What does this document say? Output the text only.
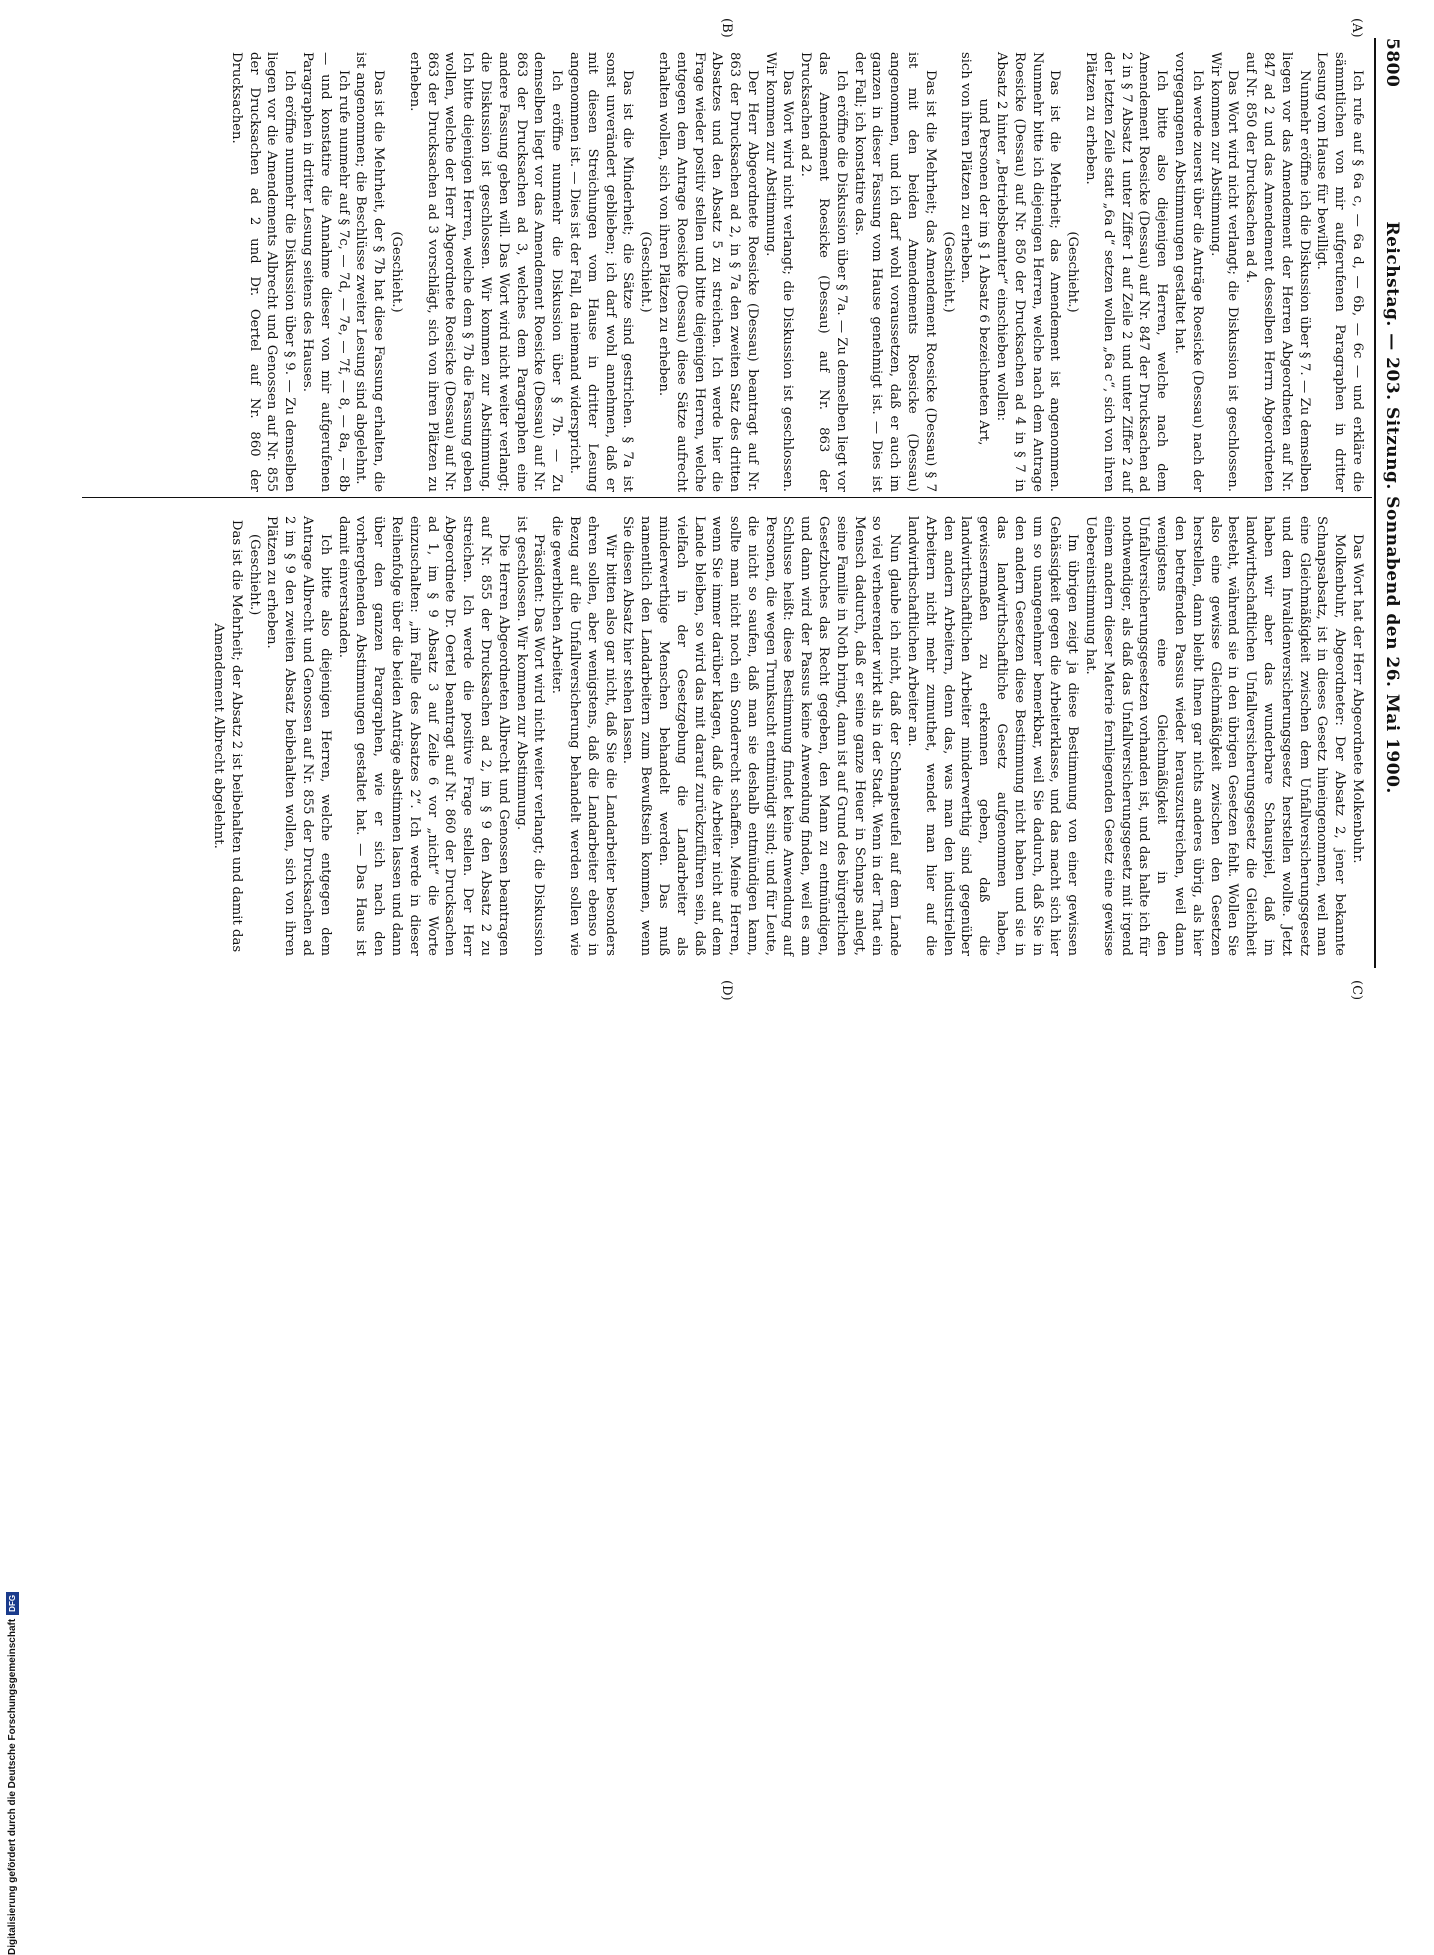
5800
Reichstag. — 203. Sitzung. Sonnabend den 26. Mai 1900.
(A)
(B)
(C)
(D)

Ich rufe auf § 6a c, — 6a d, — 6b, — 6c — und erkläre die sämmtlichen von mir aufgerufenen Paragraphen in dritter Lesung vom Hause für bewilligt.

Nunmehr eröffne ich die Diskussion über § 7. — Zu demselben liegen vor das Amendement der Herren Abgeordneten auf Nr. 847 ad 2 und das Amendement desselben Herrn Abgeordneten auf Nr. 850 der Drucksachen ad 4.

Das Wort wird nicht verlangt; die Diskussion ist geschlossen. Wir kommen zur Abstimmung.

Ich werde zuerst über die Anträge Roesicke (Dessau) nach der vorgegangenen Abstimmungen gestaltet hat.

Ich bitte also diejenigen Herren, welche nach dem Amendement Roesicke (Dessau) auf Nr. 847 der Drucksachen ad 2 in § 7 Absatz 1 unter Ziffer 1 auf Zeile 2 und unter Ziffer 2 auf der letzten Zeile statt „6a d“ setzen wollen „6a c“, sich von ihren Plätzen zu erheben.

(Geschieht.)

Das ist die Mehrheit; das Amendement ist angenommen. Nunmehr bitte ich diejenigen Herren, welche nach dem Antrage Roesicke (Dessau) auf Nr. 850 der Drucksachen ad 4 in § 7 in Absatz 2 hinter „Betriebsbeamter“ einschieben wollen:

und Personen der im § 1 Absatz 6 bezeichneten Art,

sich von ihren Plätzen zu erheben.

(Geschieht.)

Das ist die Mehrheit; das Amendement Roesicke (Dessau) § 7 ist mit den beiden Amendements Roesicke (Dessau) angenommen, und ich darf wohl voraussetzen, daß er auch im ganzen in dieser Fassung vom Hause genehmigt ist. — Dies ist der Fall; ich konstatire das.

Ich eröffne die Diskussion über § 7a. — Zu demselben liegt vor das Amendement Roesicke (Dessau) auf Nr. 863 der Drucksachen ad 2.

Das Wort wird nicht verlangt; die Diskussion ist geschlossen. Wir kommen zur Abstimmung.

Der Herr Abgeordnete Roesicke (Dessau) beantragt auf Nr. 863 der Drucksachen ad 2, in § 7a den zweiten Satz des dritten Absatzes und den Absatz 5 zu streichen. Ich werde hier die Frage wieder positiv stellen und bitte diejenigen Herren, welche entgegen dem Antrage Roesicke (Dessau) diese Sätze aufrecht erhalten wollen, sich von ihren Plätzen zu erheben.

(Geschieht.)

Das ist die Minderheit; die Sätze sind gestrichen. § 7a ist sonst unverändert geblieben; ich darf wohl annehmen, daß er mit diesen Streichungen vom Hause in dritter Lesung angenommen ist. — Dies ist der Fall, da niemand widerspricht.

Ich eröffne nunmehr die Diskussion über § 7b. — Zu demselben liegt vor das Amendement Roesicke (Dessau) auf Nr. 863 der Drucksachen ad 3, welches dem Paragraphen eine andere Fassung geben will. Das Wort wird nicht weiter verlangt; die Diskussion ist geschlossen. Wir kommen zur Abstimmung. Ich bitte diejenigen Herren, welche dem § 7b die Fassung geben wollen, welche der Herr Abgeordnete Roesicke (Dessau) auf Nr. 863 der Drucksachen ad 3 vorschlägt, sich von ihren Plätzen zu erheben.

(Geschieht.)

Das ist die Mehrheit, der § 7b hat diese Fassung erhalten, die ist angenommen; die Beschlüsse zweiter Lesung sind abgelehnt.

Ich rufe nunmehr auf § 7c, — 7d, — 7e, — 7f, — 8, — 8a, — 8b — und konstatire die Annahme dieser von mir aufgerufenen Paragraphen in dritter Lesung seitens des Hauses.

Ich eröffne nunmehr die Diskussion über § 9. — Zu demselben liegen vor die Amendements Albrecht und Genossen auf Nr. 855 der Drucksachen ad 2 und Dr. Oertel auf Nr. 860 der Drucksachen.

Das Wort hat der Herr Abgeordnete Molkenbuhr.

Molkenbuhr, Abgeordneter: Der Absatz 2, jener bekannte Schnapsabsatz, ist in dieses Gesetz hineingenommen, weil man eine Gleichmäßigkeit zwischen dem Unfallversicherungsgesetz und dem Invalidenversicherungsgesetz herstellen wollte. Jetzt haben wir aber das wunderbare Schauspiel, daß im landwirthschaftlichen Unfallversicherungsgesetz die Gleichheit besteht, während sie in den übrigen Gesetzen fehlt. Wollen Sie also eine gewisse Gleichmäßigkeit zwischen den Gesetzen herstellen, dann bleibt Ihnen gar nichts anderes übrig, als hier den betreffenden Passus wieder herauszustreichen, weil dann wenigstens eine Gleichmäßigkeit in den Unfallversicherungsgesetzen vorhanden ist, und das halte ich für nothwendiger, als daß das Unfallversicherungsgesetz mit irgend einem andern dieser Materie fernliegenden Gesetz eine gewisse Uebereinstimmung hat.

Im übrigen zeigt ja diese Bestimmung von einer gewissen Gehässigkeit gegen die Arbeiterklasse, und das macht sich hier um so unangenehmer bemerkbar, weil Sie dadurch, daß Sie in den andern Gesetzen diese Bestimmung nicht haben und sie in das landwirthschaftliche Gesetz aufgenommen haben, gewissermaßen zu erkennen geben, daß die landwirthschaftlichen Arbeiter minderwerthig sind gegenüber den andern Arbeitern, denn das, was man den industriellen Arbeitern nicht mehr zumuthet, wendet man hier auf die landwirthschaftlichen Arbeiter an.

Nun glaube ich nicht, daß der Schnapsteufel auf dem Lande so viel verheerender wirkt als in der Stadt. Wenn in der That ein Mensch dadurch, daß er seine ganze Heuer in Schnaps anlegt, seine Familie in Noth bringt, dann ist auf Grund des bürgerlichen Gesetzbuches das Recht gegeben, den Mann zu entmündigen, und dann wird der Passus keine Anwendung finden, weil es am Schlusse heißt: diese Bestimmung findet keine Anwendung auf Personen, die wegen Trunksucht entmündigt sind; und für Leute, die nicht so saufen, daß man sie deshalb entmündigen kann, sollte man nicht noch ein Sonderrecht schaffen. Meine Herren, wenn Sie immer darüber klagen, daß die Arbeiter nicht auf dem Lande bleiben, so wird das mit darauf zurückzuführen sein, daß vielfach in der Gesetzgebung die Landarbeiter als minderwerthige Menschen behandelt werden. Das muß namentlich den Landarbeitern zum Bewußtsein kommen, wenn Sie diesen Absatz hier stehen lassen.

Wir bitten also gar nicht, daß Sie die Landarbeiter besonders ehren sollen, aber wenigstens, daß die Landarbeiter ebenso in Bezug auf die Unfallversicherung behandelt werden sollen wie die gewerblichen Arbeiter.

Präsident: Das Wort wird nicht weiter verlangt; die Diskussion ist geschlossen. Wir kommen zur Abstimmung.

Die Herren Abgeordneten Albrecht und Genossen beantragen auf Nr. 855 der Drucksachen ad 2, im § 9 den Absatz 2 zu streichen. Ich werde die positive Frage stellen. Der Herr Abgeordnete Dr. Oertel beantragt auf Nr. 860 der Drucksachen ad 1, im § 9 Absatz 3 auf Zeile 6 vor „nicht“ die Worte einzuschalten: „im Falle des Absatzes 2“. Ich werde in dieser Reihenfolge über die beiden Anträge abstimmen lassen und dann über den ganzen Paragraphen, wie er sich nach den vorhergehenden Abstimmungen gestaltet hat. — Das Haus ist damit einverstanden.

Ich bitte also diejenigen Herren, welche entgegen dem Antrage Albrecht und Genossen auf Nr. 855 der Drucksachen ad 2 im § 9 den zweiten Absatz beibehalten wollen, sich von ihren Plätzen zu erheben.

(Geschieht.)

Das ist die Mehrheit; der Absatz 2 ist beibehalten und damit das Amendement Albrecht abgelehnt.

Digitalisierung gefördert durch die Deutsche Forschungsgemeinschaft
DFG
